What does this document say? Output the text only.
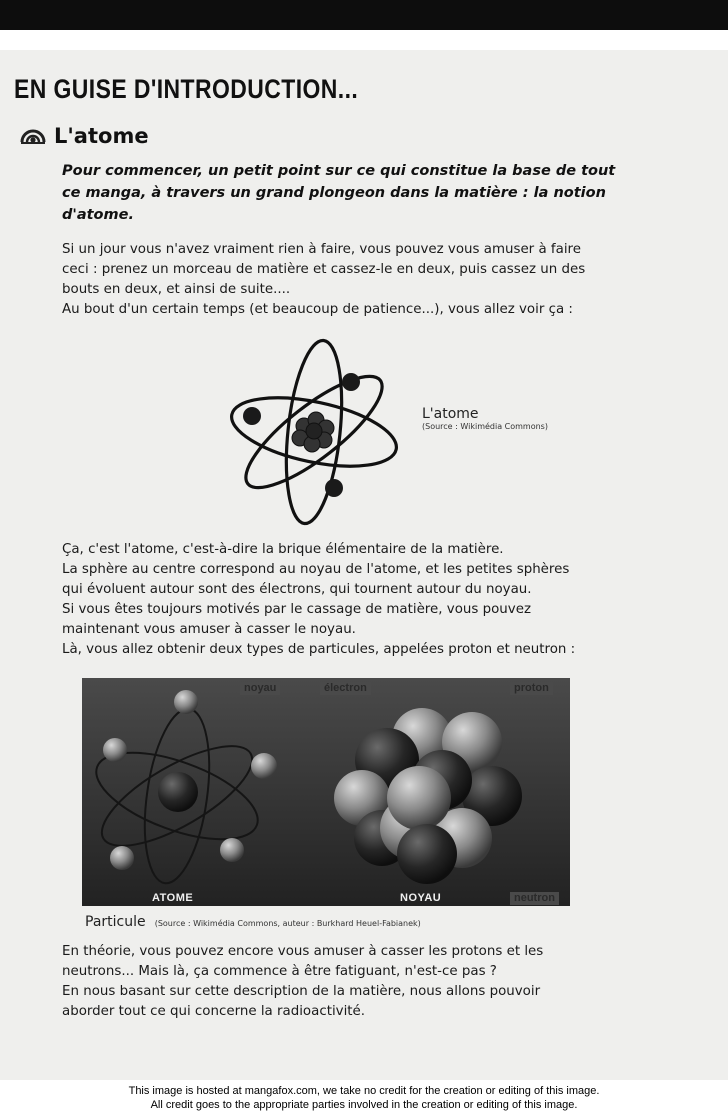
EN GUISE D'INTRODUCTION...
L'atome
Pour commencer, un petit point sur ce qui constitue la base de tout
ce manga, à travers un grand plongeon dans la matière : la notion
d'atome.

Si un jour vous n'avez vraiment rien à faire, vous pouvez vous amuser à faire

ceci : prenez un morceau de matière et cassez-le en deux, puis cassez un des

bouts en deux, et ainsi de suite....

Au bout d'un certain temps (et beaucoup de patience...), vous allez voir ça :

L'atome
(Source : Wikimédia Commons)

Ça, c'est l'atome, c'est-à-dire la brique élémentaire de la matière.

La sphère au centre correspond au noyau de l'atome, et les petites sphères

qui évoluent autour sont des électrons, qui tournent autour du noyau.

Si vous êtes toujours motivés par le cassage de matière, vous pouvez

maintenant vous amuser à casser le noyau.

Là, vous allez obtenir deux types de particules, appelées proton et neutron :

noyau	électron	proton
neutron
ATOME	NOYAU
Particule (Source : Wikimédia Commons, auteur : Burkhard Heuel-Fabianek)

En théorie, vous pouvez encore vous amuser à casser les protons et les

neutrons... Mais là, ça commence à être fatiguant, n'est-ce pas ?

En nous basant sur cette description de la matière, nous allons pouvoir

aborder tout ce qui concerne la radioactivité.

This image is hosted at mangafox.com, we take no credit for the creation or editing of this image.
All credit goes to the appropriate parties involved in the creation or editing of this image.
